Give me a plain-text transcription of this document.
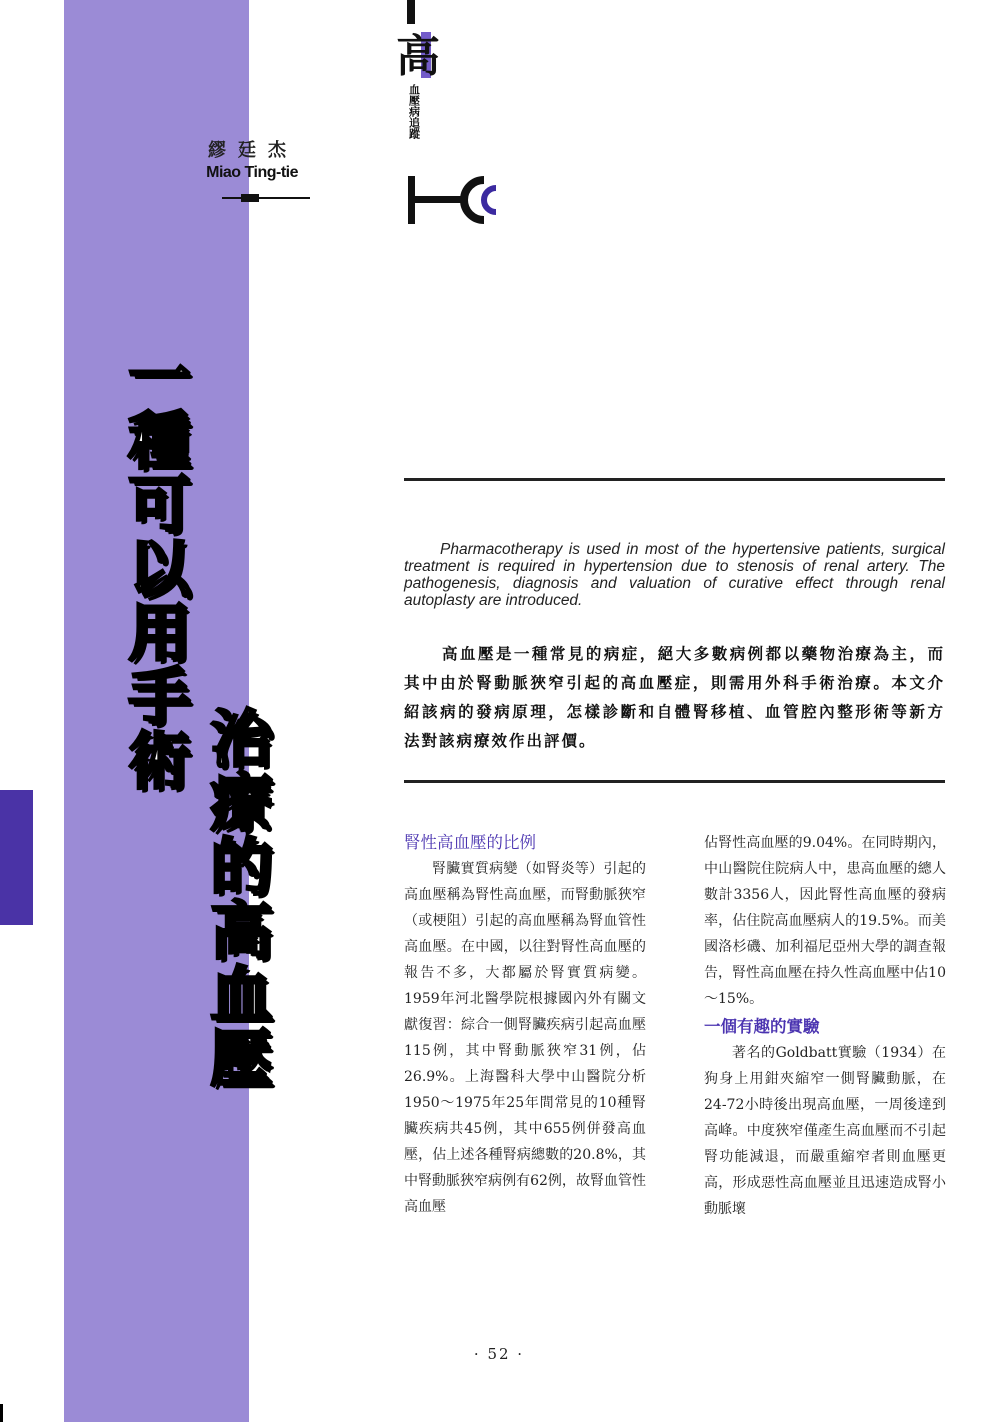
高
血壓病追蹤
繆廷杰
Miao Ting-tie
一種可以用手術
治療的高血壓

Pharmacotherapy is used in most of the hypertensive patients, surgical treatment is required in hypertension due to stenosis of renal artery. The pathogenesis, diagnosis and valuation of curative effect through renal autoplasty are introduced.

高血壓是一種常見的病症，絕大多數病例都以藥物治療為主，而其中由於腎動脈狹窄引起的高血壓症，則需用外科手術治療。本文介紹該病的發病原理，怎樣診斷和自體腎移植、血管腔內整形術等新方法對該病療效作出評價。

腎性高血壓的比例

腎臟實質病變（如腎炎等）引起的高血壓稱為腎性高血壓，而腎動脈狹窄（或梗阻）引起的高血壓稱為腎血管性高血壓。在中國，以往對腎性高血壓的報告不多，大都屬於腎實質病變。1959年河北醫學院根據國內外有關文獻復習：綜合一側腎臟疾病引起高血壓115例，其中腎動脈狹窄31例，佔26.9%。上海醫科大學中山醫院分析1950～1975年25年間常見的10種腎臟疾病共45例，其中655例併發高血壓，佔上述各種腎病總數的20.8%，其中腎動脈狹窄病例有62例，故腎血管性高血壓

佔腎性高血壓的9.04%。在同時期內，中山醫院住院病人中，患高血壓的總人數計3356人，因此腎性高血壓的發病率，佔住院高血壓病人的19.5%。而美國洛杉磯、加利福尼亞州大學的調查報告，腎性高血壓在持久性高血壓中佔10～15%。

一個有趣的實驗

著名的Goldbatt實驗（1934）在狗身上用鉗夾縮窄一側腎臟動脈，在24-72小時後出現高血壓，一周後達到高峰。中度狹窄僅產生高血壓而不引起腎功能減退，而嚴重縮窄者則血壓更高，形成惡性高血壓並且迅速造成腎小動脈壞

· 52 ·
